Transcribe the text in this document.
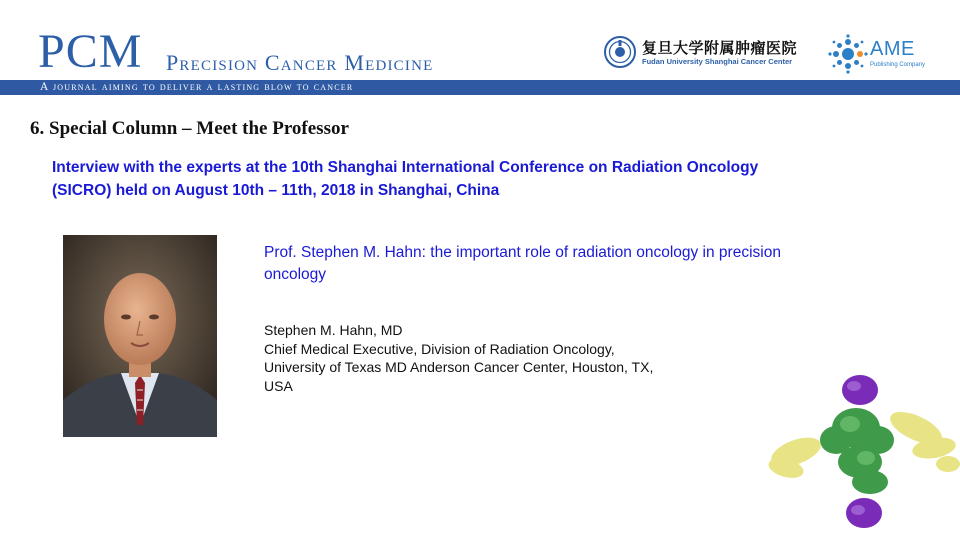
PCM Precision Cancer Medicine
复旦大学附属肿瘤医院
Fudan University Shanghai Cancer Center
AME
Publishing Company
A journal aiming to deliver a lasting blow to cancer
6. Special Column – Meet the Professor
Interview with the experts at the 10th Shanghai International Conference on Radiation Oncology (SICRO) held on August 10th – 11th, 2018 in Shanghai, China
Prof. Stephen M. Hahn: the important role of radiation oncology in precision oncology
Stephen M. Hahn, MD
Chief Medical Executive, Division of Radiation Oncology,
University of Texas MD Anderson Cancer Center, Houston, TX,
USA
